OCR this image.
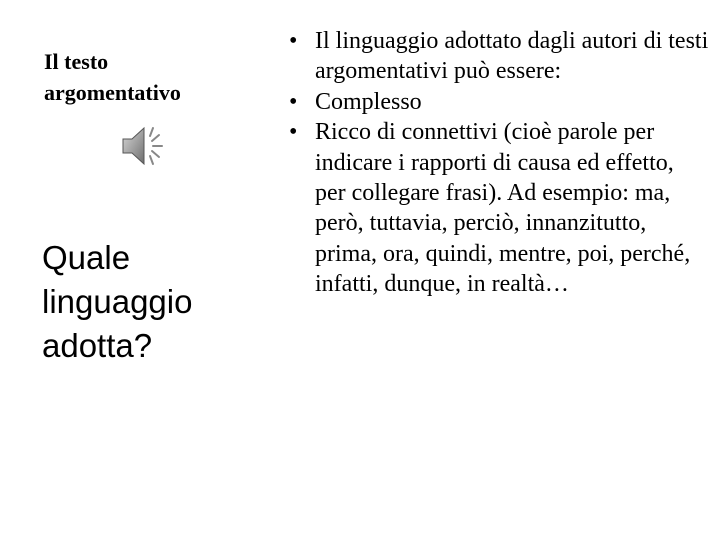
Il testo argomentativo

Quale linguaggio adotta?

• Il linguaggio adottato dagli autori di testi argomentativi può essere:
• Complesso
• Ricco di connettivi (cioè parole per indicare i rapporti di causa ed effetto, per collegare frasi). Ad esempio: ma, però, tuttavia, perciò, innanzitutto, prima, ora, quindi, mentre, poi, perché, infatti, dunque, in realtà…
